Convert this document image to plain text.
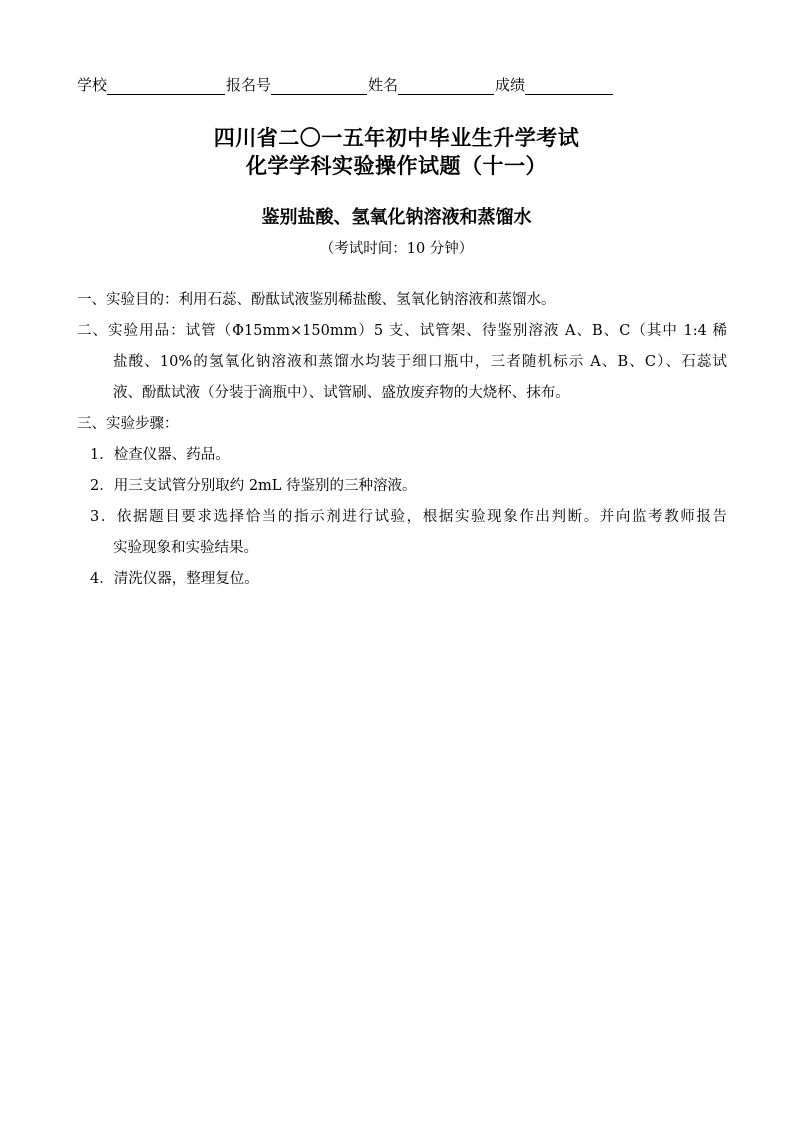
学校	报名号	姓名	成绩
四川省二〇一五年初中毕业生升学考试
化学学科实验操作试题（十一）
鉴别盐酸、氢氧化钠溶液和蒸馏水
（考试时间：10 分钟）
一、实验目的：利用石蕊、酚酞试液鉴别稀盐酸、氢氧化钠溶液和蒸馏水。
二、实验用品：试管（Φ15mm×150mm）5 支、试管架、待鉴别溶液 A、B、C（其中 1:4 稀
盐酸、10%的氢氧化钠溶液和蒸馏水均装于细口瓶中，三者随机标示 A、B、C）、石蕊试
液、酚酞试液（分装于滴瓶中）、试管刷、盛放废弃物的大烧杯、抹布。
三、实验步骤：
1．检查仪器、药品。
2．用三支试管分别取约 2mL 待鉴别的三种溶液。
3．依据题目要求选择恰当的指示剂进行试验，根据实验现象作出判断。并向监考教师报告
实验现象和实验结果。
4．清洗仪器，整理复位。
